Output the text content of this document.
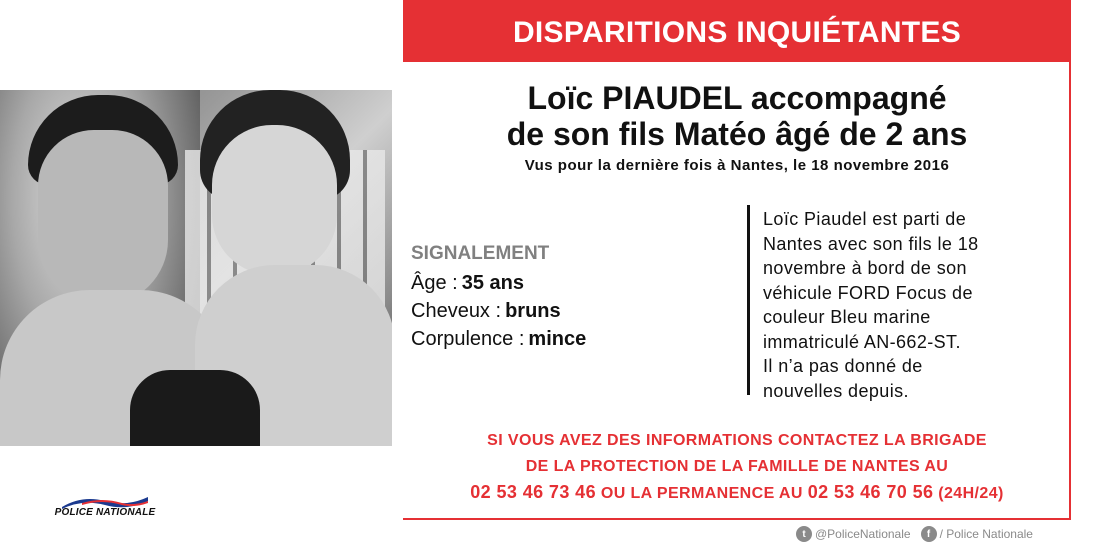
POLICE NATIONALE
DISPARITIONS INQUIÉTANTES
Loïc PIAUDEL accompagné
de son fils Matéo âgé de 2 ans
Vus pour la dernière fois à Nantes, le 18 novembre 2016
SIGNALEMENT
Âge : 35 ans
Cheveux : bruns
Corpulence : mince
Loïc Piaudel est parti de
Nantes avec son fils le 18
novembre à bord de son
véhicule FORD Focus de
couleur Bleu marine
immatriculé AN-662-ST.
Il n’a pas donné de
nouvelles depuis.
SI VOUS AVEZ DES INFORMATIONS CONTACTEZ LA BRIGADE
DE LA PROTECTION DE LA FAMILLE DE NANTES AU
02 53 46 73 46 OU LA PERMANENCE AU 02 53 46 70 56 (24H/24)
t @PoliceNationale	f / Police Nationale
